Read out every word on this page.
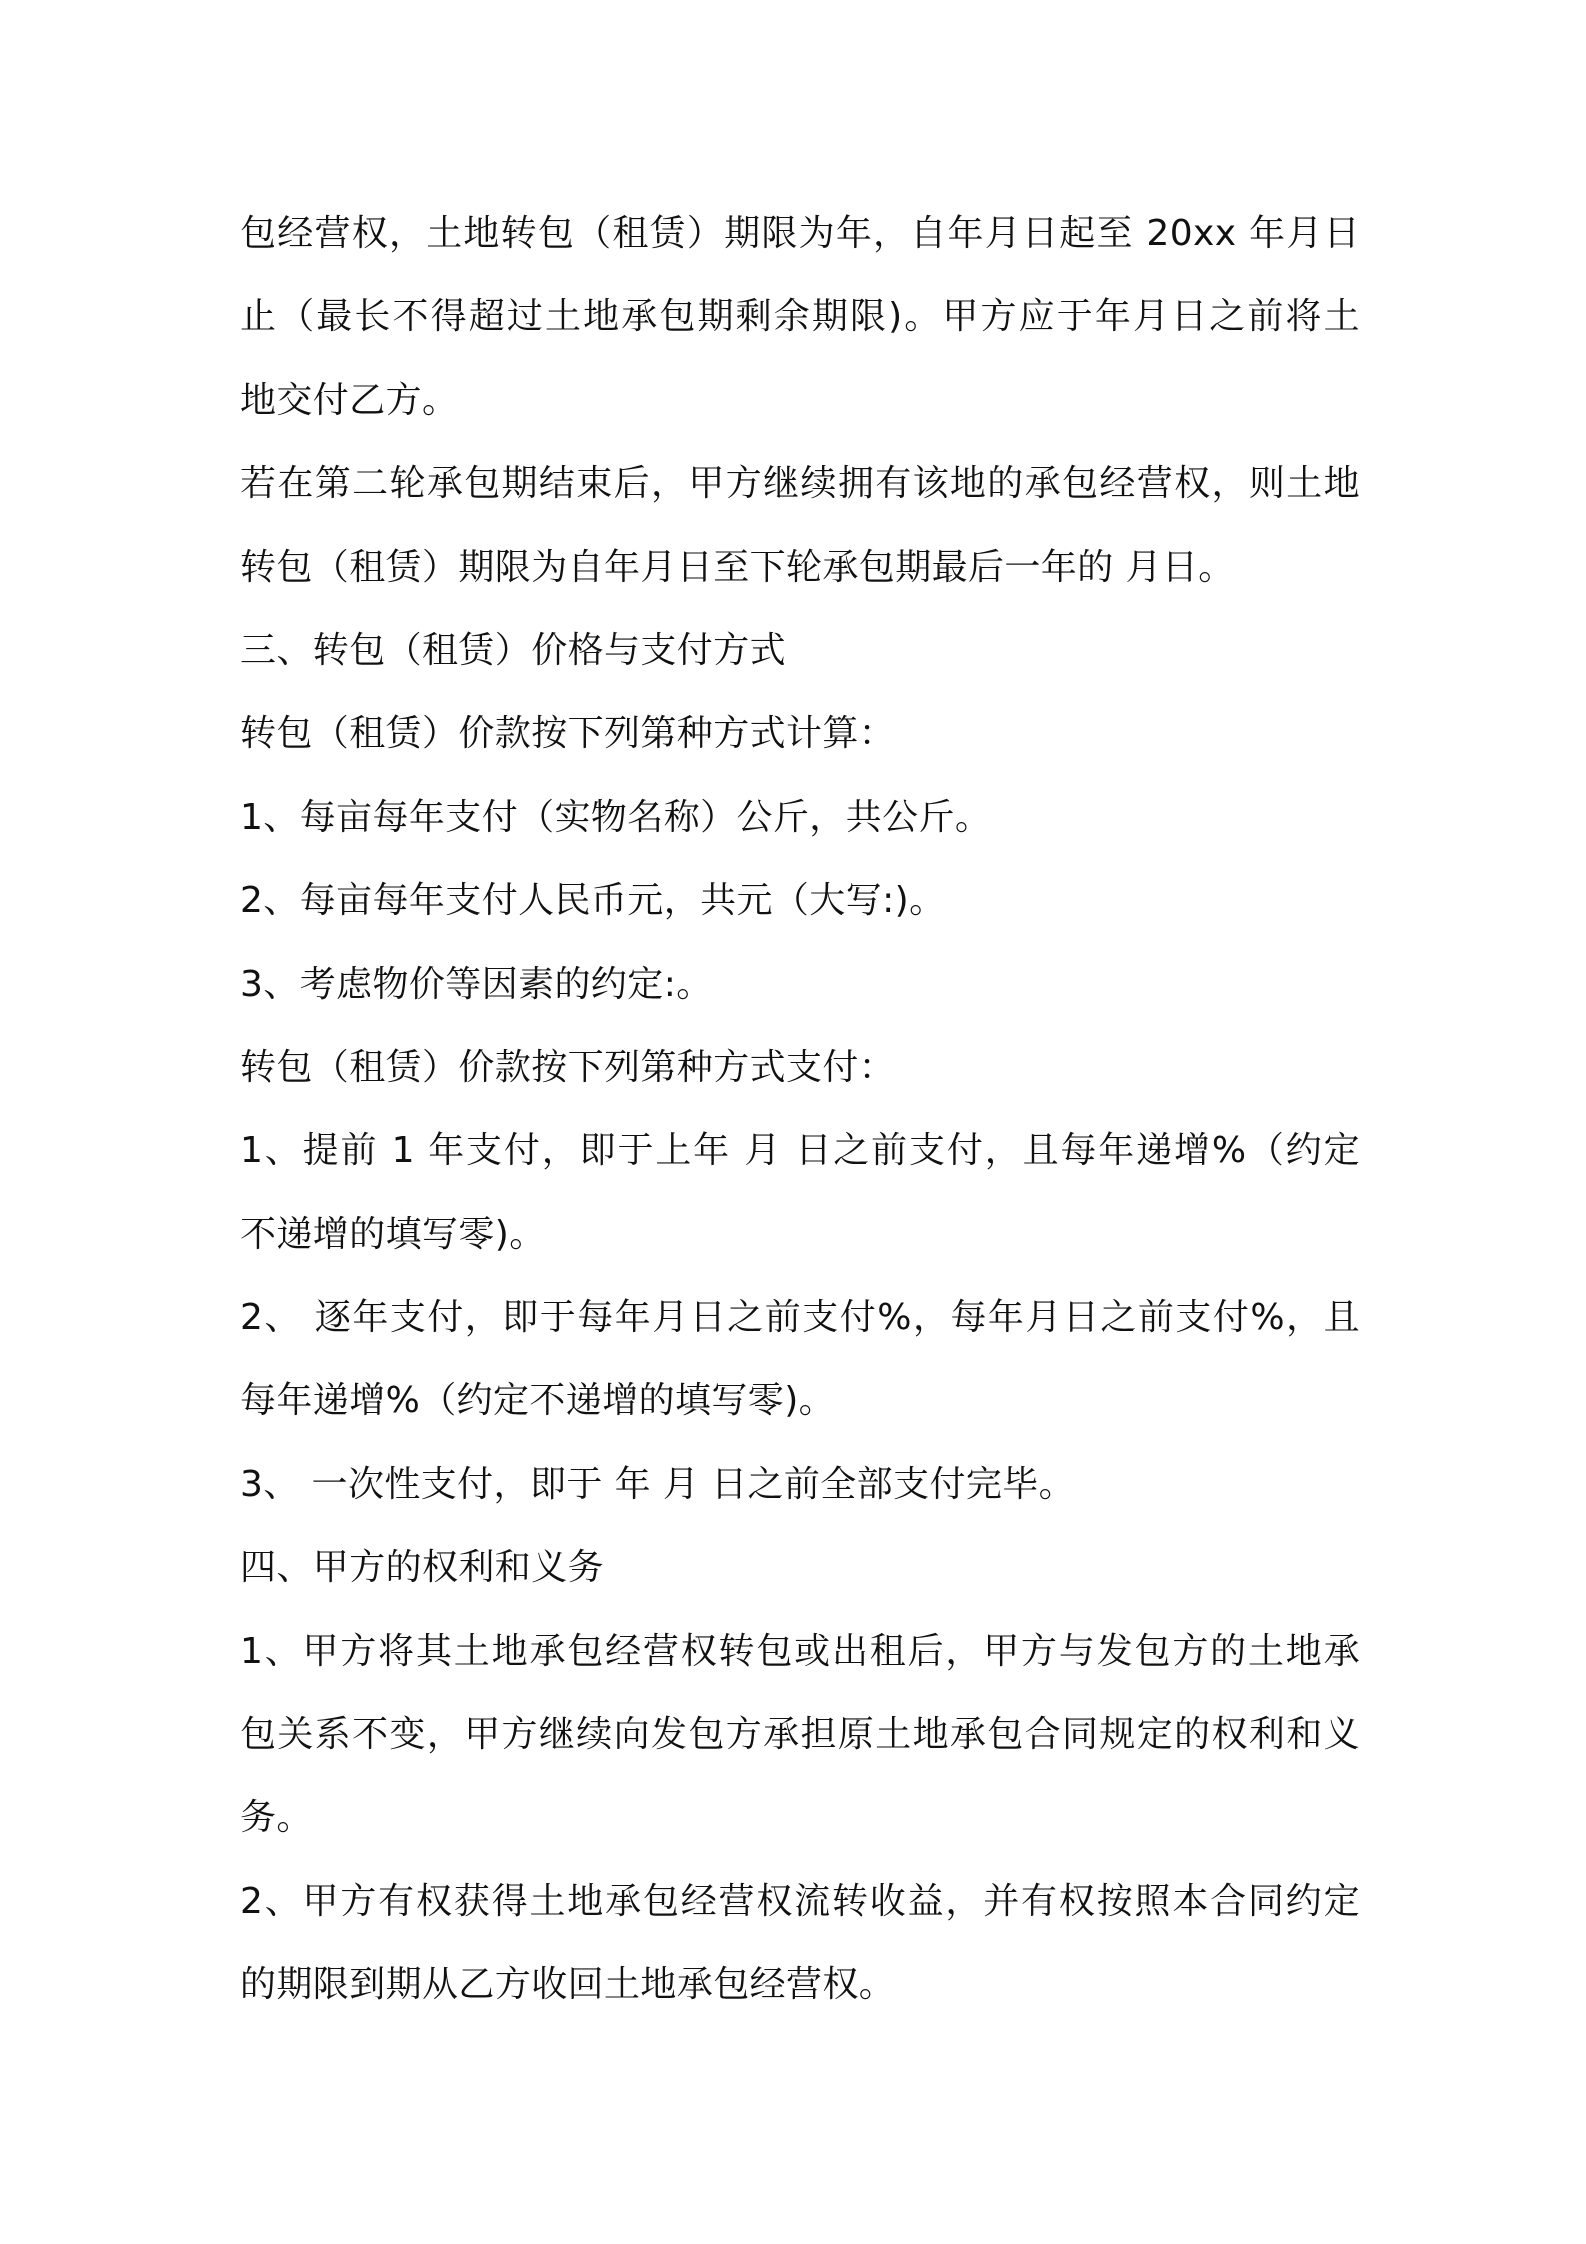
包经营权，土地转包（租赁）期限为年，自年月日起至 20xx 年月日
止（最长不得超过土地承包期剩余期限)。甲方应于年月日之前将土
地交付乙方。
若在第二轮承包期结束后，甲方继续拥有该地的承包经营权，则土地
转包（租赁）期限为自年月日至下轮承包期最后一年的 月日。
三、转包（租赁）价格与支付方式
转包（租赁）价款按下列第种方式计算：
1、每亩每年支付（实物名称）公斤，共公斤。
2、每亩每年支付人民币元，共元（大写:)。
3、考虑物价等因素的约定:。
转包（租赁）价款按下列第种方式支付：
1、提前 1 年支付，即于上年 月 日之前支付，且每年递增%（约定
不递增的填写零)。
2、 逐年支付，即于每年月日之前支付%，每年月日之前支付%，且
每年递增%（约定不递增的填写零)。
3、 一次性支付，即于 年 月 日之前全部支付完毕。
四、甲方的权利和义务
1、甲方将其土地承包经营权转包或出租后，甲方与发包方的土地承
包关系不变，甲方继续向发包方承担原土地承包合同规定的权利和义
务。
2、甲方有权获得土地承包经营权流转收益，并有权按照本合同约定
的期限到期从乙方收回土地承包经营权。
